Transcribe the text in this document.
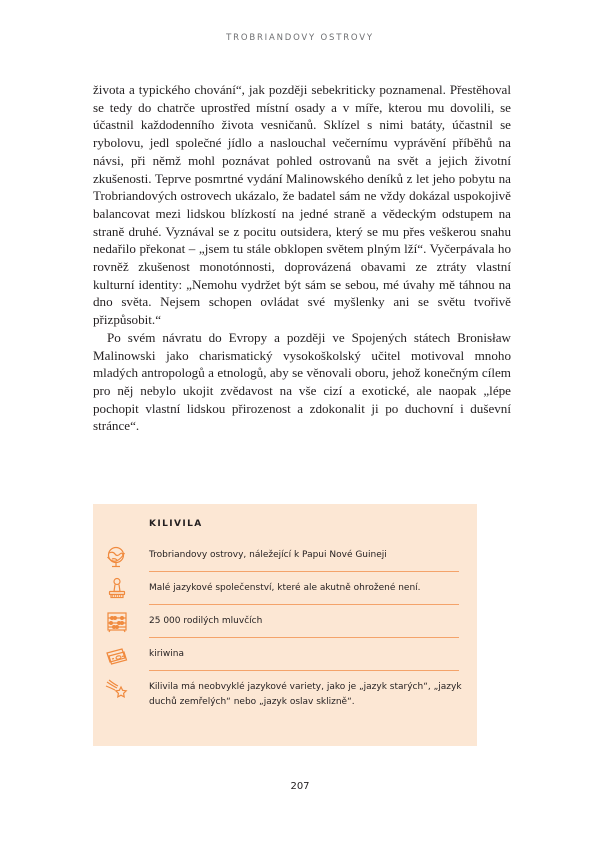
TROBRIANDOVY OSTROVY

života a typického chování“, jak později sebekriticky poznamenal. Přestěhoval se tedy do chatrče uprostřed místní osady a v míře, kterou mu dovolili, se účastnil každodenního života vesničanů. Sklízel s nimi batáty, účastnil se rybolovu, jedl společné jídlo a naslouchal večernímu vyprávění příběhů na návsi, při němž mohl poznávat pohled ostrovanů na svět a jejich životní zkušenosti. Teprve posmrtné vydání Malinowského deníků z let jeho pobytu na Trobriandových ostrovech ukázalo, že badatel sám ne vždy dokázal uspokojivě balancovat mezi lidskou blízkostí na jedné straně a vědeckým odstupem na straně druhé. Vyznával se z pocitu outsidera, který se mu přes veškerou snahu nedařilo překonat – „jsem tu stále obklopen světem plným lží“. Vyčerpávala ho rovněž zkušenost monotónnosti, doprovázená obavami ze ztráty vlastní kulturní identity: „Nemohu vydržet být sám se sebou, mé úvahy mě táhnou na dno světa. Nejsem schopen ovládat své myšlenky ani se světu tvořivě přizpůsobit.“

Po svém návratu do Evropy a později ve Spojených státech Bronisław Malinowski jako charismatický vysokoškolský učitel motivoval mnoho mladých antropologů a etnologů, aby se věnovali oboru, jehož konečným cílem pro něj nebylo ukojit zvědavost na vše cizí a exotické, ale naopak „lépe pochopit vlastní lidskou přirozenost a zdokonalit ji po duchovní i duševní stránce“.

KILIVILA
Trobriandovy ostrovy, náležející k Papui Nové Guineji
Malé jazykové společenství, které ale akutně ohrožené není.
25 000 rodilých mluvčích
kiriwina
Kilivila má neobvyklé jazykové variety, jako je „jazyk starých“, „jazyk duchů zemřelých“ nebo „jazyk oslav sklizně“.
207
